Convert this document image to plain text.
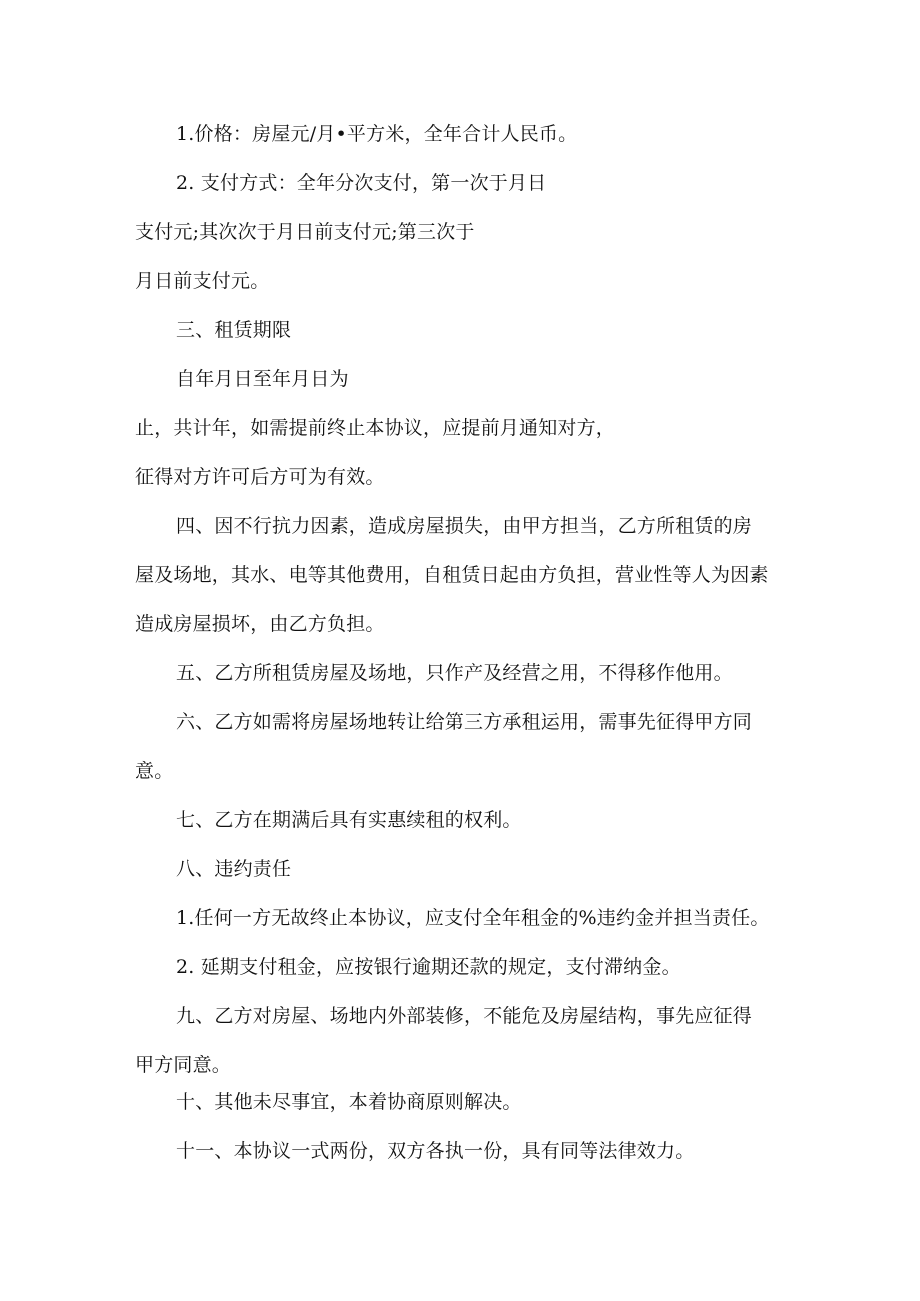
1.价格：房屋元/月•平方米，全年合计人民币。
2. 支付方式：全年分次支付，第一次于月日
支付元;其次次于月日前支付元;第三次于
月日前支付元。
三、租赁期限
自年月日至年月日为
止，共计年，如需提前终止本协议，应提前月通知对方，
征得对方许可后方可为有效。
四、因不行抗力因素，造成房屋损失，由甲方担当，乙方所租赁的房
屋及场地，其水、电等其他费用，自租赁日起由方负担，营业性等人为因素
造成房屋损坏，由乙方负担。
五、乙方所租赁房屋及场地，只作产及经营之用，不得移作他用。
六、乙方如需将房屋场地转让给第三方承租运用，需事先征得甲方同
意。
七、乙方在期满后具有实惠续租的权利。
八、违约责任
1.任何一方无故终止本协议，应支付全年租金的%违约金并担当责任。
2. 延期支付租金，应按银行逾期还款的规定，支付滞纳金。
九、乙方对房屋、场地内外部装修，不能危及房屋结构，事先应征得
甲方同意。
十、其他未尽事宜，本着协商原则解决。
十一、本协议一式两份，双方各执一份，具有同等法律效力。
